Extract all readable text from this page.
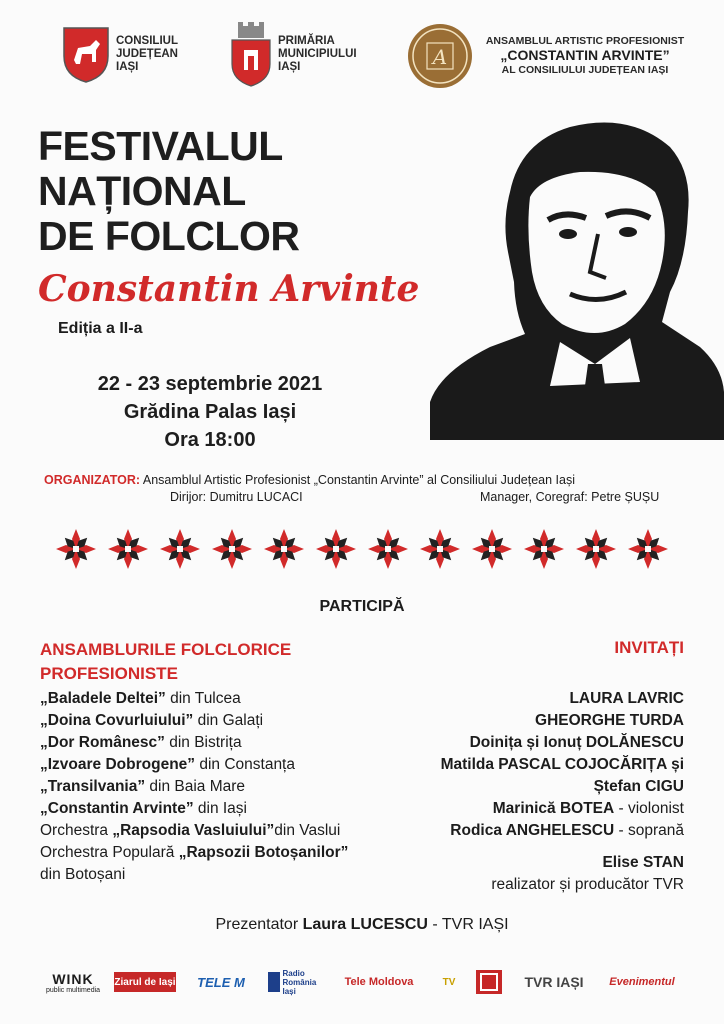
CONSILIUL
JUDEȚEAN
IAȘI
PRIMĂRIA
MUNICIPIULUI
IAȘI	A
ANSAMBLUL ARTISTIC PROFESIONIST
„CONSTANTIN ARVINTE”
AL CONSILIULUI JUDEȚEAN IAȘI
FESTIVALUL
NAȚIONAL
DE FOLCLOR
Constantin Arvinte
Ediția a II-a
22 - 23 septembrie 2021
Grădina Palas Iași
Ora 18:00
ORGANIZATOR: Ansamblul Artistic Profesionist „Constantin Arvinte” al Consiliului Județean Iași
Dirijor: Dumitru LUCACI	Manager, Coregraf: Petre ȘUȘU
PARTICIPĂ
ANSAMBLURILE FOLCLORICE
PROFESIONISTE
„Baladele Deltei” din Tulcea
„Doina Covurluiului” din Galați
„Dor Românesc” din Bistrița
„Izvoare Dobrogene” din Constanța
„Transilvania” din Baia Mare
„Constantin Arvinte” din Iași
Orchestra „Rapsodia Vasluiului”din Vaslui
Orchestra Populară „Rapsozii Botoșanilor”
din Botoșani
INVITAȚI
LAURA LAVRIC
GHEORGHE TURDA
Doinița și Ionuț DOLĂNESCU
Matilda PASCAL COJOCĂRIȚA și
Ștefan CIGU
Marinică BOTEA - violonist
Rodica ANGHELESCU - soprană
Elise STAN
realizator și producător TVR
Prezentator Laura LUCESCU - TVR IAȘI
WINK
public multimedia
Ziarul de Iași TELE M
Radio România Iași
Tele Moldova	TV	TVR IAȘI Evenimentul
